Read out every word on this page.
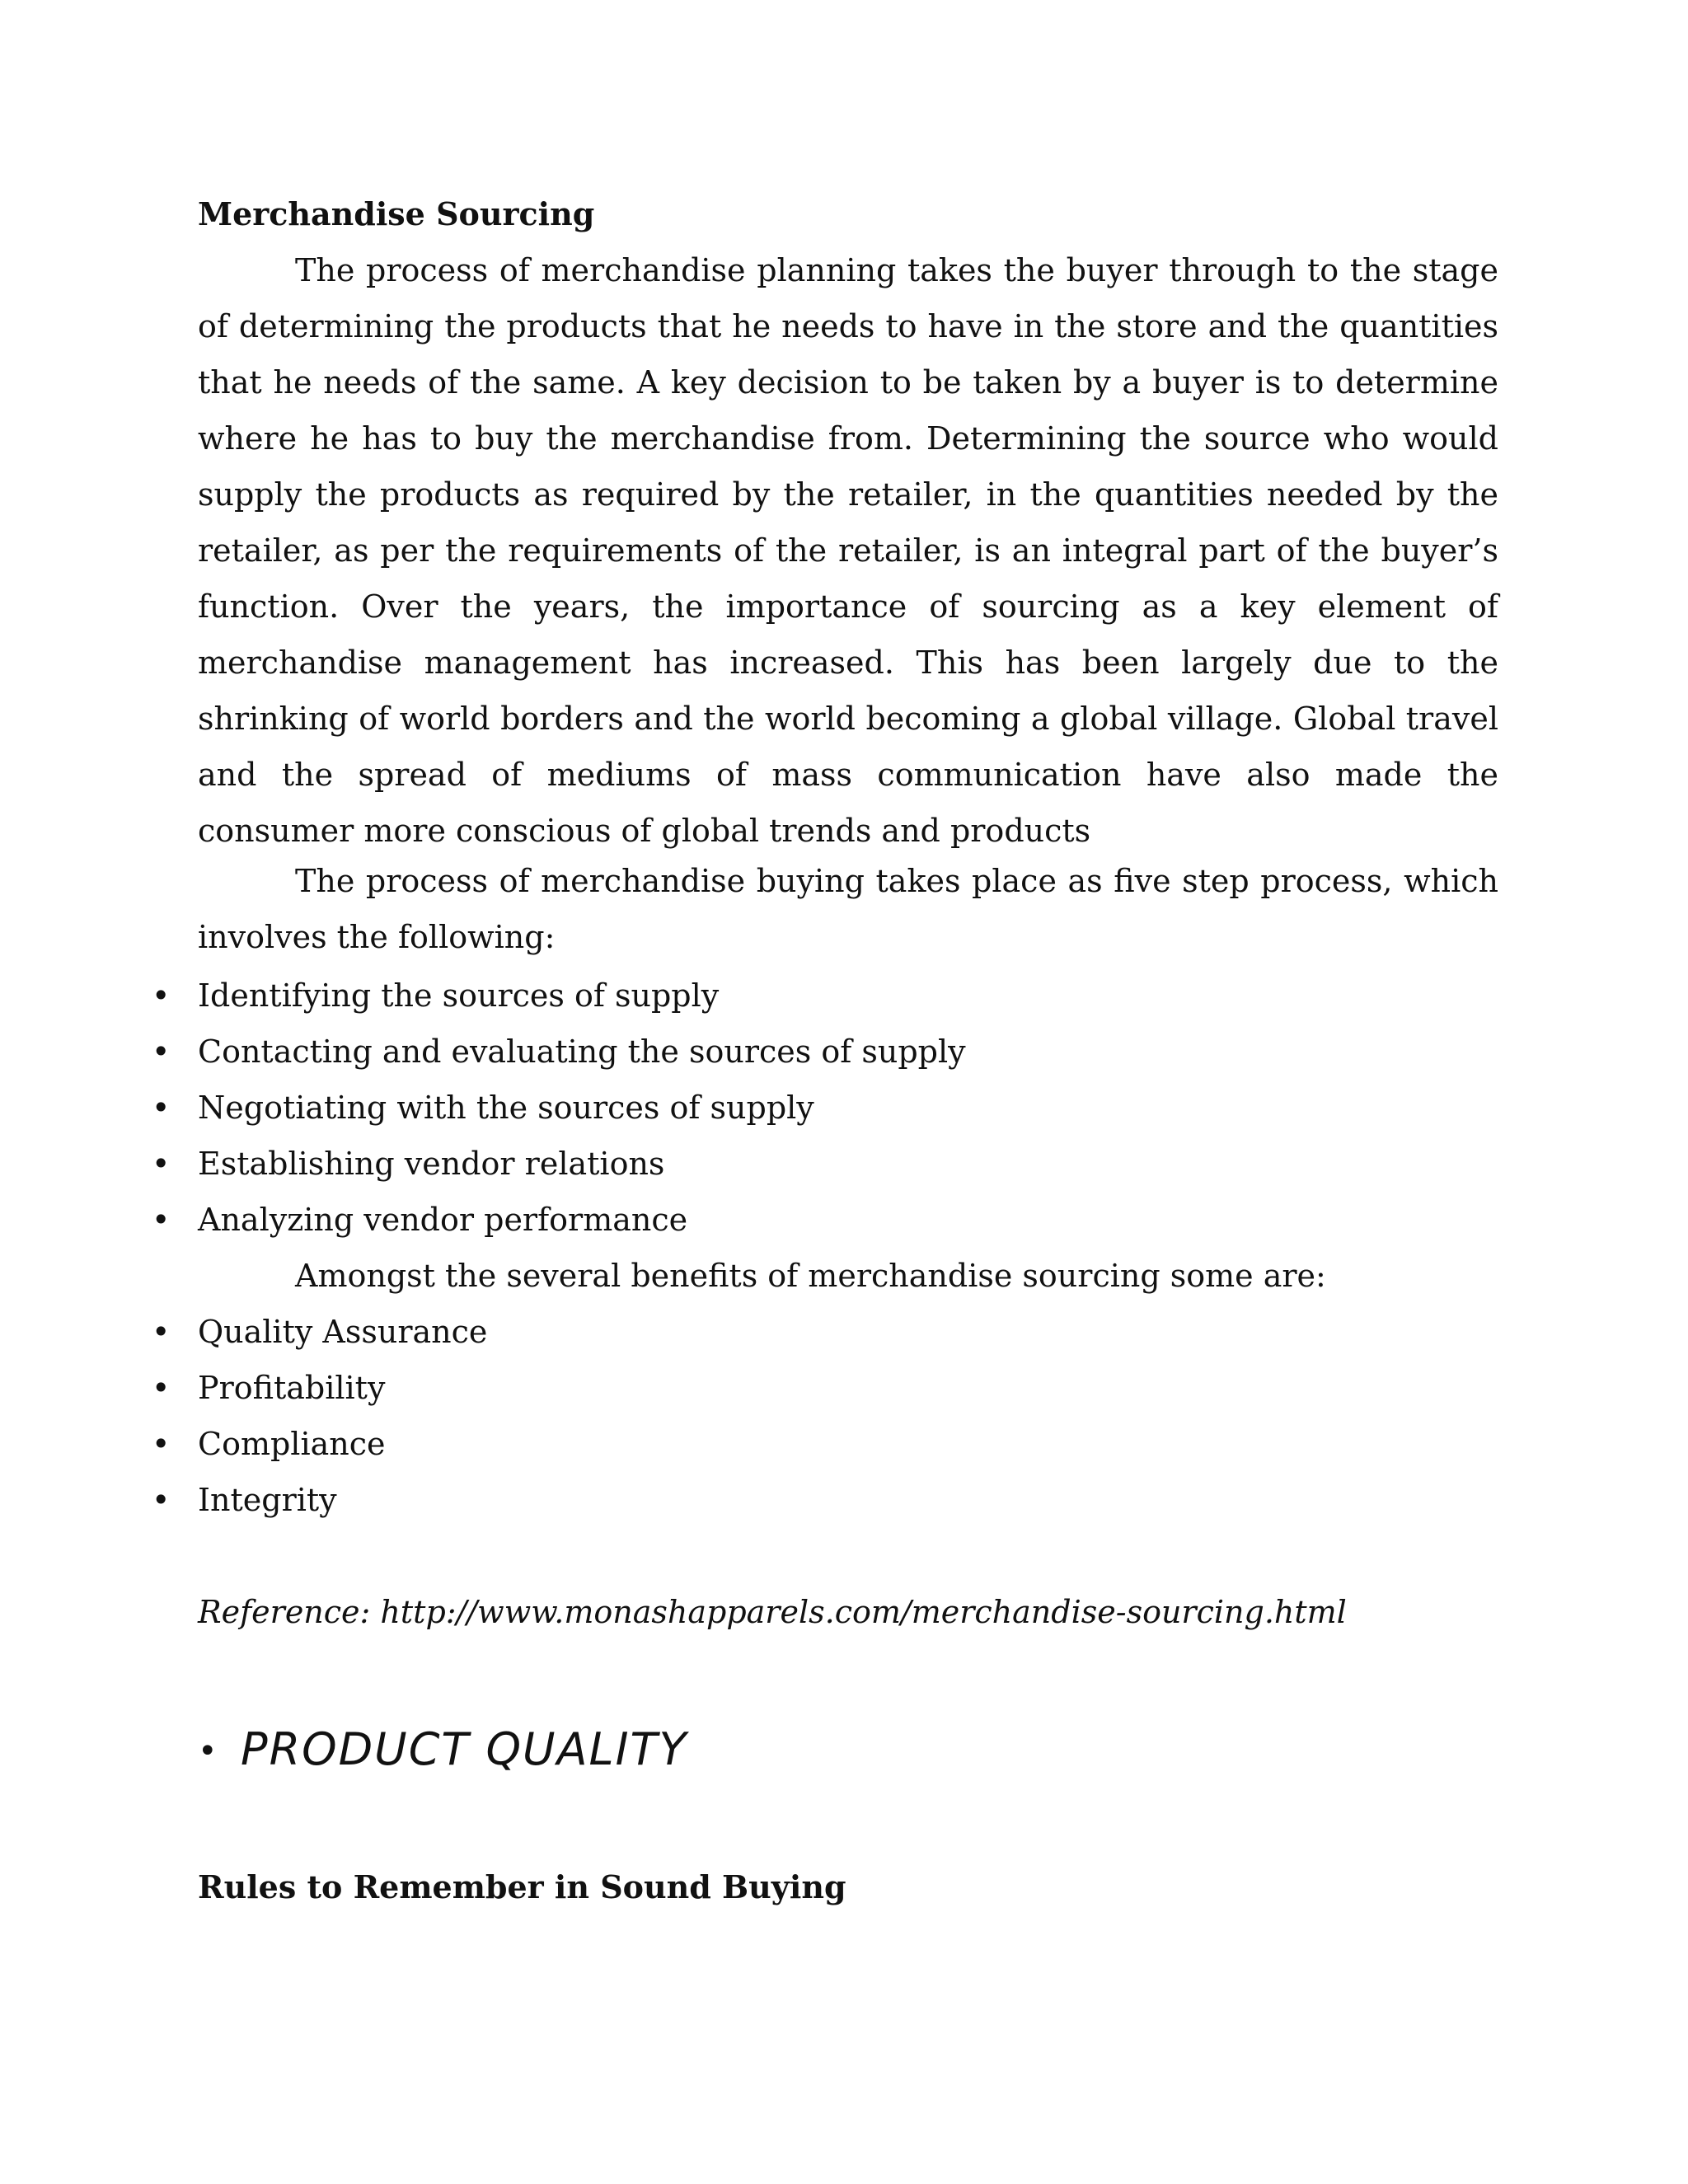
Merchandise Sourcing

The process of merchandise planning takes the buyer through to the stage of determining the products that he needs to have in the store and the quantities that he needs of the same. A key decision to be taken by a buyer is to determine where he has to buy the merchandise from. Determining the source who would supply the products as required by the retailer, in the quantities needed by the retailer, as per the requirements of the retailer, is an integral part of the buyer’s function. Over the years, the importance of sourcing as a key element of merchandise management has increased. This has been largely due to the shrinking of world borders and the world becoming a global village. Global travel and the spread of mediums of mass communication have also made the consumer more conscious of global trends and products

The process of merchandise buying takes place as five step process, which involves the following:

• Identifying the sources of supply
• Contacting and evaluating the sources of supply
• Negotiating with the sources of supply
• Establishing vendor relations
• Analyzing vendor performance
Amongst the several benefits of merchandise sourcing some are:
• Quality Assurance
• Profitability
• Compliance
• Integrity
Reference: http://www.monashapparels.com/merchandise-sourcing.html
• PRODUCT QUALITY
Rules to Remember in Sound Buying
